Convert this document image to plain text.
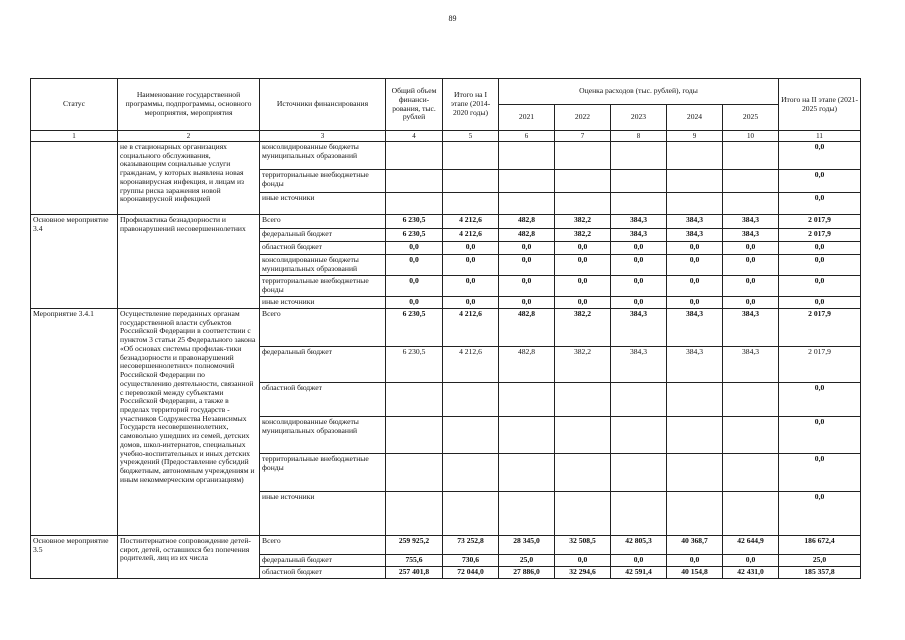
89
Статус	Наименование государственной программы, подпрограммы, основного мероприятия, мероприятия	Источники финансирования	Общий объем финанси-рования, тыс. рублей	Итого на I этапе (2014-2020 годы)	Оценка расходов (тыс. рублей), годы					Итого на II этапе (2021-2025 годы)
					2021	2022	2023	2024	2025	
1	2	3	4	5	6	7	8	9	10	11
	не в стационарных организациях социального обслуживания, оказывающим социальные услуги гражданам, у которых выявлена новая коронавирусная инфекция, и лицам из группы риска заражения новой коронавирусной инфекцией	консолидированные бюджеты муниципальных образований								0,0
		территориальные внебюджетные фонды								0,0
		иные источники								0,0
Основное мероприятие 3.4	Профилактика безнадзорности и правонарушений несовершеннолетних	Всего	6 230,5	4 212,6	482,8	382,2	384,3	384,3	384,3	2 017,9
		федеральный бюджет	6 230,5	4 212,6	482,8	382,2	384,3	384,3	384,3	2 017,9
		областной бюджет	0,0	0,0	0,0	0,0	0,0	0,0	0,0	0,0
		консолидированные бюджеты муниципальных образований	0,0	0,0	0,0	0,0	0,0	0,0	0,0	0,0
		территориальные внебюджетные фонды	0,0	0,0	0,0	0,0	0,0	0,0	0,0	0,0
		иные источники	0,0	0,0	0,0	0,0	0,0	0,0	0,0	0,0
Мероприятие 3.4.1	Осуществление переданных органам государственной власти субъектов Российской Федерации в соответствии с пунктом 3 статьи 25 Федерального закона «Об основах системы профилак-тики безнадзорности и правонарушений несовершеннолетних» полномочий Российской Федерации по осуществлению деятельности, связанной с перевозкой между субъектами Российской Федерации, а также в пределах территорий государств - участников Содружества Независимых Государств несовершеннолетних, самовольно ушедших из семей, детских домов, школ-интернатов, специальных учебно-воспитательных и иных детских учреждений (Предоставление субсидий бюджетным, автономным учреждениям и иным некоммерческим организациям)	Всего	6 230,5	4 212,6	482,8	382,2	384,3	384,3	384,3	2 017,9
		федеральный бюджет	6 230,5	4 212,6	482,8	382,2	384,3	384,3	384,3	2 017,9
		областной бюджет								0,0
		консолидированные бюджеты муниципальных образований								0,0
		территориальные внебюджетные фонды								0,0
		иные источники								0,0
Основное мероприятие 3.5	Постинтернатное сопровождение детей-сирот, детей, оставшихся без попечения родителей, лиц из их числа	Всего	259 925,2	73 252,8	28 345,0	32 508,5	42 805,3	40 368,7	42 644,9	186 672,4
		федеральный бюджет	755,6	730,6	25,0	0,0	0,0	0,0	0,0	25,0
		областной бюджет	257 401,8	72 044,0	27 886,0	32 294,6	42 591,4	40 154,8	42 431,0	185 357,8
